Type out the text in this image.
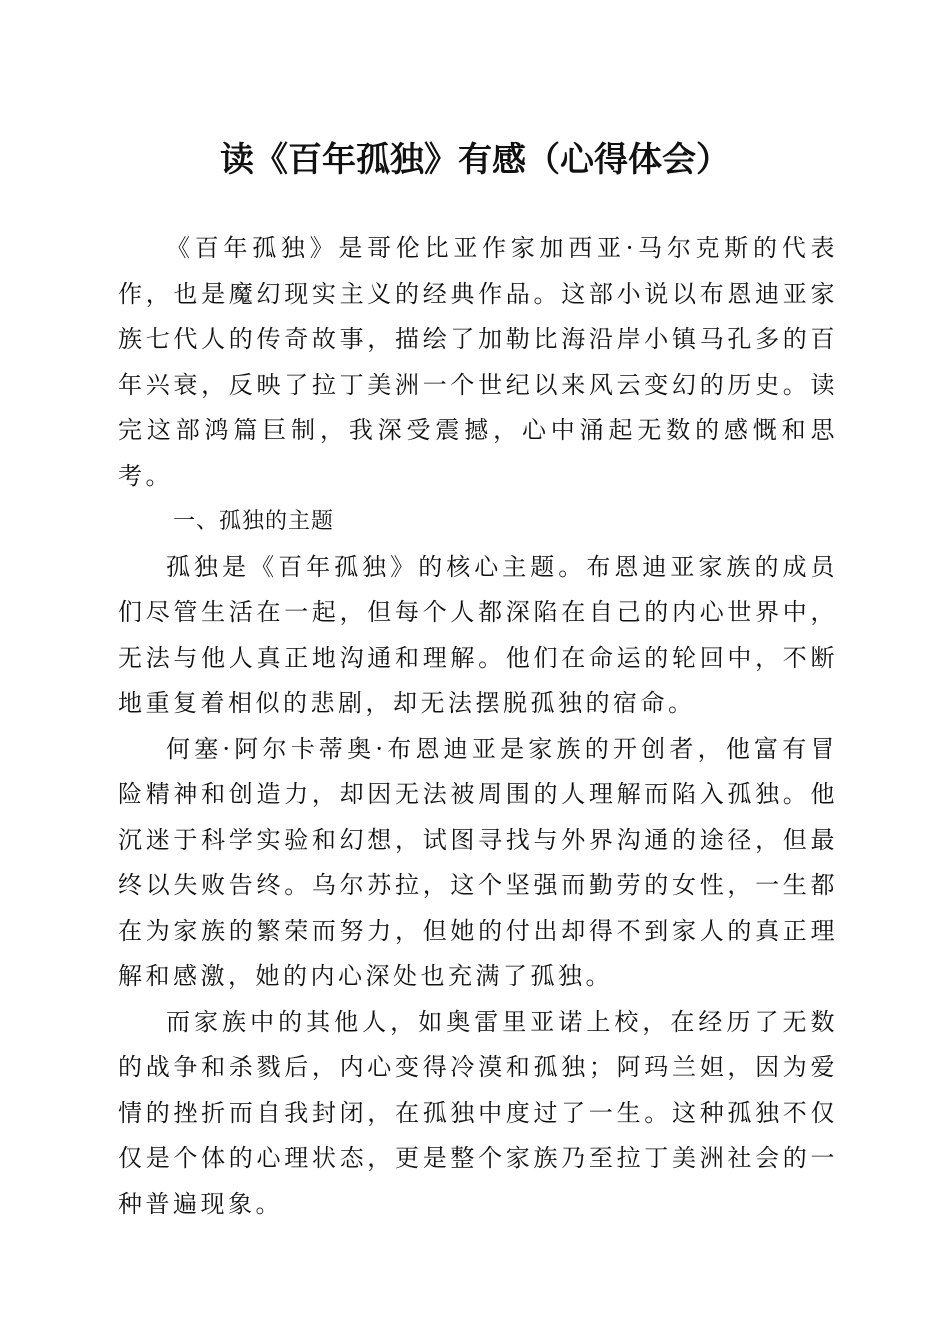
读《百年孤独》有感（心得体会）

《百年孤独》是哥伦比亚作家加西亚·马尔克斯的代表作，也是魔幻现实主义的经典作品。这部小说以布恩迪亚家族七代人的传奇故事，描绘了加勒比海沿岸小镇马孔多的百年兴衰，反映了拉丁美洲一个世纪以来风云变幻的历史。读完这部鸿篇巨制，我深受震撼，心中涌起无数的感慨和思考。

一、孤独的主题

孤独是《百年孤独》的核心主题。布恩迪亚家族的成员们尽管生活在一起，但每个人都深陷在自己的内心世界中，无法与他人真正地沟通和理解。他们在命运的轮回中，不断地重复着相似的悲剧，却无法摆脱孤独的宿命。

何塞·阿尔卡蒂奥·布恩迪亚是家族的开创者，他富有冒险精神和创造力，却因无法被周围的人理解而陷入孤独。他沉迷于科学实验和幻想，试图寻找与外界沟通的途径，但最终以失败告终。乌尔苏拉，这个坚强而勤劳的女性，一生都在为家族的繁荣而努力，但她的付出却得不到家人的真正理解和感激，她的内心深处也充满了孤独。

而家族中的其他人，如奥雷里亚诺上校，在经历了无数的战争和杀戮后，内心变得冷漠和孤独；阿玛兰妲，因为爱情的挫折而自我封闭，在孤独中度过了一生。这种孤独不仅仅是个体的心理状态，更是整个家族乃至拉丁美洲社会的一种普遍现象。
